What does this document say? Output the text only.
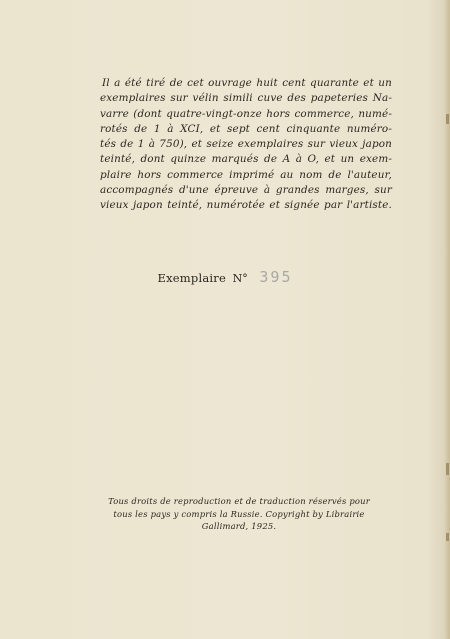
Il a été tiré de cet ouvrage huit cent quarante et un
exemplaires sur vélin simili cuve des papeteries Na-
varre (dont quatre-vingt-onze hors commerce, numé-
rotés de 1 à XCI, et sept cent cinquante numéro-
tés de 1 à 750), et seize exemplaires sur vieux japon
teinté, dont quinze marqués de A à O, et un exem-
plaire hors commerce imprimé au nom de l'auteur,
accompagnés d'une épreuve à grandes marges, sur
vieux japon teinté, numérotée et signée par l'artiste.

Exemplaire N° 395

Tous droits de reproduction et de traduction réservés pour
tous les pays y compris la Russie. Copyright by Librairie
Gallimard, 1925.
